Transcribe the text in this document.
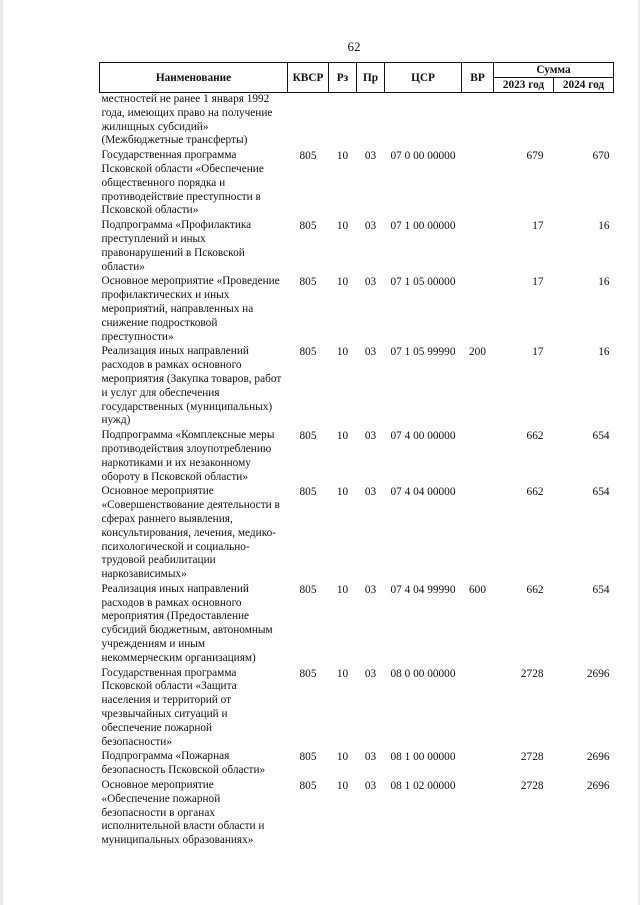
62
Наименование	КВСР	Рз	Пр	ЦСР	ВР	Сумма	
						2023 год	2024 год
местностей не ранее 1 января 1992 года, имеющих право на получение жилищных субсидий» (Межбюджетные трансферты)							
Государственная программа Псковской области «Обеспечение общественного порядка и противодействие преступности в Псковской области»	805	10	03	07 0 00 00000		679	670
Подпрограмма «Профилактика преступлений и иных правонарушений в Псковской области»	805	10	03	07 1 00 00000		17	16
Основное мероприятие «Проведение профилактических и иных мероприятий, направленных на снижение подростковой преступности»	805	10	03	07 1 05 00000		17	16
Реализация иных направлений расходов в рамках основного мероприятия (Закупка товаров, работ и услуг для обеспечения государственных (муниципальных) нужд)	805	10	03	07 1 05 99990	200	17	16
Подпрограмма «Комплексные меры противодействия злоупотреблению наркотиками и их незаконному обороту в Псковской области»	805	10	03	07 4 00 00000		662	654
Основное мероприятие «Совершенствование деятельности в сферах раннего выявления, консультирования, лечения, медико-психологической и социально-трудовой реабилитации наркозависимых»	805	10	03	07 4 04 00000		662	654
Реализация иных направлений расходов в рамках основного мероприятия (Предоставление субсидий бюджетным, автономным учреждениям и иным некоммерческим организациям)	805	10	03	07 4 04 99990	600	662	654
Государственная программа Псковской области «Защита населения и территорий от чрезвычайных ситуаций и обеспечение пожарной безопасности»	805	10	03	08 0 00 00000		2728	2696
Подпрограмма «Пожарная безопасность Псковской области»	805	10	03	08 1 00 00000		2728	2696
Основное мероприятие «Обеспечение пожарной безопасности в органах исполнительной власти области и муниципальных образованиях»	805	10	03	08 1 02 00000		2728	2696
